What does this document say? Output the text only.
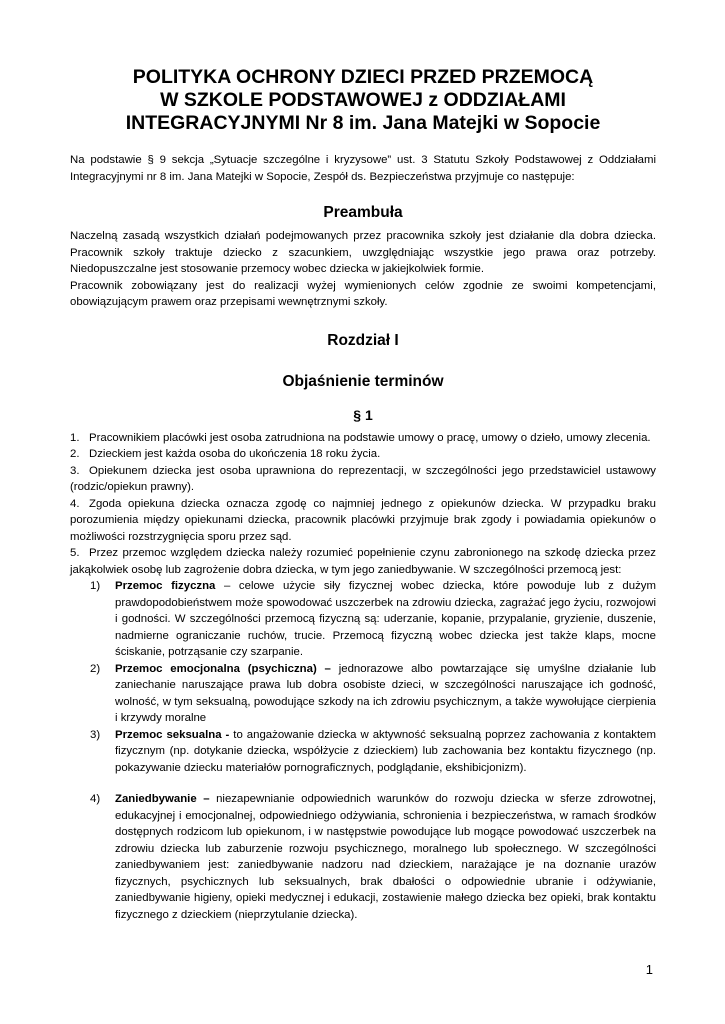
POLITYKA OCHRONY DZIECI PRZED PRZEMOCĄ
W SZKOLE PODSTAWOWEJ z ODDZIAŁAMI
INTEGRACYJNYMI Nr 8 im. Jana Matejki w Sopocie

Na podstawie § 9 sekcja „Sytuacje szczególne i kryzysowe” ust. 3 Statutu Szkoły Podstawowej z Oddziałami Integracyjnymi nr 8 im. Jana Matejki w Sopocie, Zespół ds. Bezpieczeństwa przyjmuje co następuje:

Preambuła

Naczelną zasadą wszystkich działań podejmowanych przez pracownika szkoły jest działanie dla dobra dziecka. Pracownik szkoły traktuje dziecko z szacunkiem, uwzględniając wszystkie jego prawa oraz potrzeby. Niedopuszczalne jest stosowanie przemocy wobec dziecka w jakiejkolwiek formie.

Pracownik zobowiązany jest do realizacji wyżej wymienionych celów zgodnie ze swoimi kompetencjami, obowiązującym prawem oraz przepisami wewnętrznymi szkoły.

Rozdział I
Objaśnienie terminów
§ 1

1. Pracownikiem placówki jest osoba zatrudniona na podstawie umowy o pracę, umowy o dzieło, umowy zlecenia.

2. Dzieckiem jest każda osoba do ukończenia 18 roku życia.

3. Opiekunem dziecka jest osoba uprawniona do reprezentacji, w szczególności jego przedstawiciel ustawowy (rodzic/opiekun prawny).

4. Zgoda opiekuna dziecka oznacza zgodę co najmniej jednego z opiekunów dziecka. W przypadku braku porozumienia między opiekunami dziecka, pracownik placówki przyjmuje brak zgody i powiadamia opiekunów o możliwości rozstrzygnięcia sporu przez sąd.

5. Przez przemoc względem dziecka należy rozumieć popełnienie czynu zabronionego na szkodę dziecka przez jakąkolwiek osobę lub zagrożenie dobra dziecka, w tym jego zaniedbywanie. W szczególności przemocą jest:

1) Przemoc fizyczna – celowe użycie siły fizycznej wobec dziecka, które powoduje lub z dużym prawdopodobieństwem może spowodować uszczerbek na zdrowiu dziecka, zagrażać jego życiu, rozwojowi i godności. W szczególności przemocą fizyczną są: uderzanie, kopanie, przypalanie, gryzienie, duszenie, nadmierne ograniczanie ruchów, trucie. Przemocą fizyczną wobec dziecka jest także klaps, mocne ściskanie, potrząsanie czy szarpanie.
2) Przemoc emocjonalna (psychiczna) – jednorazowe albo powtarzające się umyślne działanie lub zaniechanie naruszające prawa lub dobra osobiste dzieci, w szczególności naruszające ich godność, wolność, w tym seksualną, powodujące szkody na ich zdrowiu psychicznym, a także wywołujące cierpienia i krzywdy moralne
3) Przemoc seksualna - to angażowanie dziecka w aktywność seksualną poprzez zachowania z kontaktem fizycznym (np. dotykanie dziecka, współżycie z dzieckiem) lub zachowania bez kontaktu fizycznego (np. pokazywanie dziecku materiałów pornograficznych, podglądanie, ekshibicjonizm).
4) Zaniedbywanie – niezapewnianie odpowiednich warunków do rozwoju dziecka w sferze zdrowotnej, edukacyjnej i emocjonalnej, odpowiedniego odżywiania, schronienia i bezpieczeństwa, w ramach środków dostępnych rodzicom lub opiekunom, i w następstwie powodujące lub mogące powodować uszczerbek na zdrowiu dziecka lub zaburzenie rozwoju psychicznego, moralnego lub społecznego. W szczególności zaniedbywaniem jest: zaniedbywanie nadzoru nad dzieckiem, narażające je na doznanie urazów fizycznych, psychicznych lub seksualnych, brak dbałości o odpowiednie ubranie i odżywianie, zaniedbywanie higieny, opieki medycznej i edukacji, zostawienie małego dziecka bez opieki, brak kontaktu fizycznego z dzieckiem (nieprzytulanie dziecka).
1
